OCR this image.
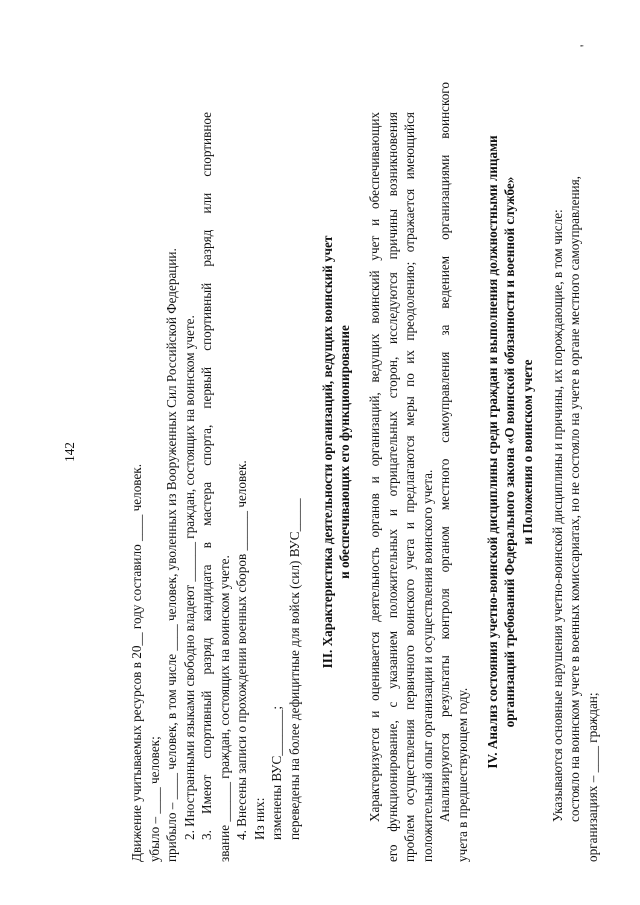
142
'
Движение учитываемых ресурсов в 20__ году составило ____ человек. убыло – ____ человек; прибыло – ____ человек, в том числе ____ человек, уволенных из Вооруженных Сил Российской Федерации. 2. Иностранными языками свободно владеют ______ граждан, состоящих на воинском учете. 3. Имеют спортивный разряд кандидата в мастера спорта, первый спортивный разряд или спортивное звание ______ граждан, состоящих на воинском учете. 4. Внесены записи о прохождении военных сборов ______ человек. Из них: изменены ВУС_______; переведены на более дефицитные для войск (сил) ВУС_____
III. Характеристика деятельности организаций, ведущих воинский учет и обеспечивающих его функционирование Характеризуется и оценивается деятельность органов и организаций, ведущих воинский учет и обеспечивающих его функционирование, с указанием положительных и отрицательных сторон, исследуются причины возникновения проблем осуществления первичного воинского учета и предлагаются меры по их преодолению; отражается имеющийся положительный опыт организации и осуществления воинского учета. Анализируются результаты контроля органом местного самоуправления за ведением организациями воинского учета в предшествующем году.
IV. Анализ состояния учетно-воинской дисциплины среди граждан и выполнения должностными лицами организаций требований Федерального закона «О воинской обязанности и военной службе» и Положения о воинском учете Указываются основные нарушения учетно-воинской дисциплины и причины, их порождающие, в том числе: состояло на воинском учете в военных комиссариатах, но не состояло на учете в органе местного самоуправления, организациях – ____ граждан;
